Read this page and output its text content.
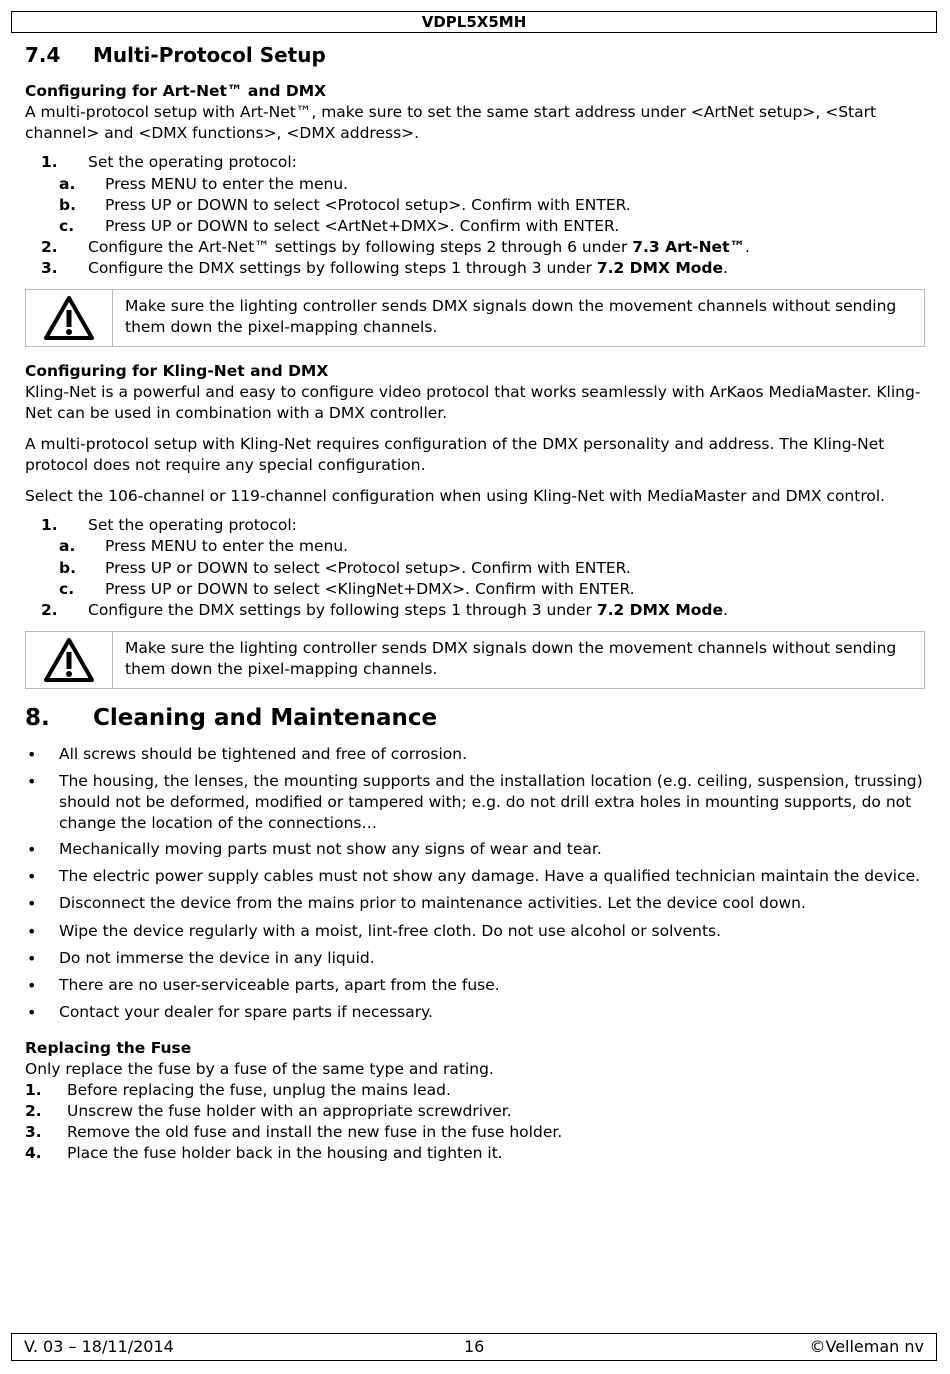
VDPL5X5MH
7.4	Multi-Protocol Setup
Configuring for Art-Net™ and DMX

A multi-protocol setup with Art-Net™, make sure to set the same start address under <ArtNet setup>, <Start channel> and <DMX functions>, <DMX address>.

1.	Set the operating protocol:
a.	Press MENU to enter the menu.
b.	Press UP or DOWN to select <Protocol setup>. Confirm with ENTER.
c.	Press UP or DOWN to select <ArtNet+DMX>. Confirm with ENTER.
2.	Configure the Art-Net™ settings by following steps 2 through 6 under 7.3 Art-Net™.
3.	Configure the DMX settings by following steps 1 through 3 under 7.2 DMX Mode.
Make sure the lighting controller sends DMX signals down the movement channels without sending them down the pixel-mapping channels.
Configuring for Kling-Net and DMX

Kling-Net is a powerful and easy to configure video protocol that works seamlessly with ArKaos MediaMaster. Kling-Net can be used in combination with a DMX controller.

A multi-protocol setup with Kling-Net requires configuration of the DMX personality and address. The Kling-Net protocol does not require any special configuration.

Select the 106-channel or 119-channel configuration when using Kling-Net with MediaMaster and DMX control.

1.	Set the operating protocol:
a.	Press MENU to enter the menu.
b.	Press UP or DOWN to select <Protocol setup>. Confirm with ENTER.
c.	Press UP or DOWN to select <KlingNet+DMX>. Confirm with ENTER.
2.	Configure the DMX settings by following steps 1 through 3 under 7.2 DMX Mode.
Make sure the lighting controller sends DMX signals down the movement channels without sending them down the pixel-mapping channels.
8.	Cleaning and Maintenance
•
All screws should be tightened and free of corrosion.
•
The housing, the lenses, the mounting supports and the installation location (e.g. ceiling, suspension, trussing) should not be deformed, modified or tampered with; e.g. do not drill extra holes in mounting supports, do not change the location of the connections…
•
Mechanically moving parts must not show any signs of wear and tear.
•
The electric power supply cables must not show any damage. Have a qualified technician maintain the device.
•
Disconnect the device from the mains prior to maintenance activities. Let the device cool down.
•
Wipe the device regularly with a moist, lint-free cloth. Do not use alcohol or solvents.
•
Do not immerse the device in any liquid.
•
There are no user-serviceable parts, apart from the fuse.
•
Contact your dealer for spare parts if necessary.
Replacing the Fuse

Only replace the fuse by a fuse of the same type and rating.

1.	Before replacing the fuse, unplug the mains lead.
2.	Unscrew the fuse holder with an appropriate screwdriver.
3.	Remove the old fuse and install the new fuse in the fuse holder.
4.	Place the fuse holder back in the housing and tighten it.
V. 03 – 18/11/2014	16	©Velleman nv
